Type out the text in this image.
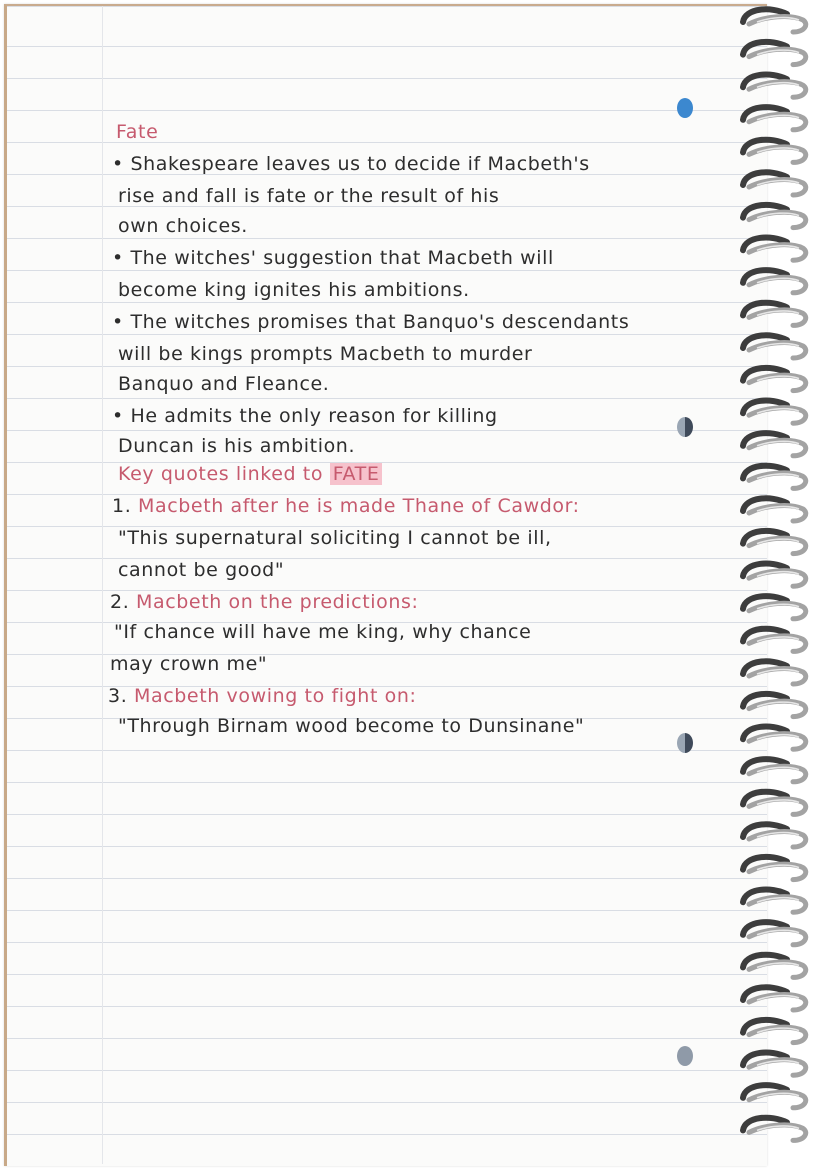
Fate

• Shakespeare leaves us to decide if Macbeth's

rise and fall is fate or the result of his

own choices.

• The witches' suggestion that Macbeth will

become king ignites his ambitions.

• The witches promises that Banquo's descendants

will be kings prompts Macbeth to murder

Banquo and Fleance.

• He admits the only reason for killing

Duncan is his ambition.

Key quotes linked to FATE

1. Macbeth after he is made Thane of Cawdor:

"This supernatural soliciting I cannot be ill,

cannot be good"

2. Macbeth on the predictions:

"If chance will have me king, why chance

may crown me"

3. Macbeth vowing to fight on:

"Through Birnam wood become to Dunsinane"
